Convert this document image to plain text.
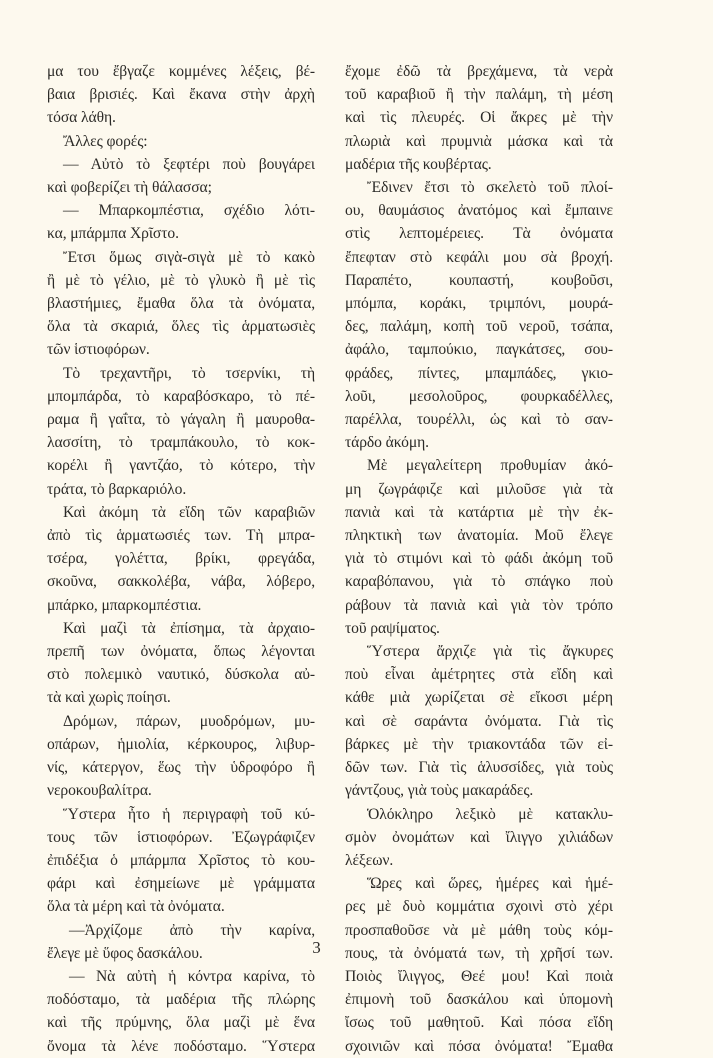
μα του ἔβγαζε κομμένες λέξεις, βέ-
βαια βρισιές. Καὶ ἔκανα στὴν ἀρχὴ
τόσα λάθη.
Ἄλλες φορές:
— Αὐτὸ τὸ ξεφτέρι ποὺ βουγάρει
καὶ φοβερίζει τὴ θάλασσα;
— Μπαρκομπέστια, σχέδιο λότι-
κα, μπάρμπα Χρῖστο.
Ἔτσι ὅμως σιγὰ-σιγὰ μὲ τὸ κακὸ
ἢ μὲ τὸ γέλιο, μὲ τὸ γλυκὸ ἢ μὲ τὶς
βλαστήμιες, ἔμαθα ὅλα τὰ ὀνόματα,
ὅλα τὰ σκαριά, ὅλες τὶς ἁρματωσιὲς
τῶν ἱστιοφόρων.
Τὸ τρεχαντῆρι, τὸ τσερνίκι, τὴ
μπομπάρδα, τὸ καραβόσκαρο, τὸ πέ-
ραμα ἢ γαΐτα, τὸ γάγαλη ἢ μαυροθα-
λασσίτη, τὸ τραμπάκουλο, τὸ κοκ-
κορέλι ἢ γαντζάο, τὸ κότερο, τὴν
τράτα, τὸ βαρκαριόλο.
Καὶ ἀκόμη τὰ εἴδη τῶν καραβιῶν
ἀπὸ τὶς ἁρματωσιές των. Τὴ μπρα-
τσέρα, γολέττα, βρίκι, φρεγάδα,
σκοῦνα, σακκολέβα, νάβα, λόβερο,
μπάρκο, μπαρκομπέστια.
Καὶ μαζὶ τὰ ἐπίσημα, τὰ ἀρχαιο-
πρεπῆ των ὀνόματα, ὅπως λέγονται
στὸ πολεμικὸ ναυτικό, δύσκολα αὐ-
τὰ καὶ χωρὶς ποίησι.
Δρόμων, πάρων, μυοδρόμων, μυ-
οπάρων, ἡμιολία, κέρκουρος, λιβυρ-
νίς, κάτεργον, ἕως τὴν ὑδροφόρο ἢ
νεροκουβαλίτρα.
Ὕστερα ἦτο ἡ περιγραφὴ τοῦ κύ-
τους τῶν ἱστιοφόρων. Ἐζωγράφιζεν
ἐπιδέξια ὁ μπάρμπα Χρῖστος τὸ κου-
φάρι καὶ ἐσημείωνε μὲ γράμματα
ὅλα τὰ μέρη καὶ τὰ ὀνόματα.
—Ἀρχίζομε ἀπὸ τὴν καρίνα,
ἔλεγε μὲ ὕφος δασκάλου.
— Νὰ αὐτὴ ἡ κόντρα καρίνα, τὸ
ποδόσταμο, τὰ μαδέρια τῆς πλώρης
καὶ τῆς πρύμνης, ὅλα μαζὶ μὲ ἕνα
ὄνομα τὰ λένε ποδόσταμο. Ὕστερα
ἔχομε ἐδῶ τὰ βρεχάμενα, τὰ νερὰ
τοῦ καραβιοῦ ἢ τὴν παλάμη, τὴ μέση
καὶ τὶς πλευρές. Οἱ ἄκρες μὲ τὴν
πλωριὰ καὶ πρυμνιὰ μάσκα καὶ τὰ
μαδέρια τῆς κουβέρτας.
Ἔδινεν ἔτσι τὸ σκελετὸ τοῦ πλοί-
ου, θαυμάσιος ἀνατόμος καὶ ἔμπαινε
στὶς λεπτομέρειες. Τὰ ὀνόματα
ἔπεφταν στὸ κεφάλι μου σὰ βροχή.
Παραπέτο, κουπαστή, κουβοῦσι,
μπόμπα, κοράκι, τριμπόνι, μουρά-
δες, παλάμη, κοπὴ τοῦ νεροῦ, τσάπα,
ἀφάλο, ταμπούκιο, παγκάτσες, σου-
φράδες, πίντες, μπαμπάδες, γκιο-
λοῦι, μεσολοῦρος, φουρκαδέλλες,
παρέλλα, τουρέλλι, ὡς καὶ τὸ σαν-
τάρδο ἀκόμη.
Μὲ μεγαλείτερη προθυμίαν ἀκό-
μη ζωγράφιζε καὶ μιλοῦσε γιὰ τὰ
πανιὰ καὶ τὰ κατάρτια μὲ τὴν ἐκ-
πληκτικὴ των ἀνατομία. Μοῦ ἔλεγε
γιὰ τὸ στιμόνι καὶ τὸ φάδι ἀκόμη τοῦ
καραβόπανου, γιὰ τὸ σπάγκο ποὺ
ράβουν τὰ πανιὰ καὶ γιὰ τὸν τρόπο
τοῦ ραψίματος.
Ὕστερα ἄρχιζε γιὰ τὶς ἄγκυρες
ποὺ εἶναι ἀμέτρητες στὰ εἴδη καὶ
κάθε μιὰ χωρίζεται σὲ εἴκοσι μέρη
καὶ σὲ σαράντα ὀνόματα. Γιὰ τὶς
βάρκες μὲ τὴν τριακοντάδα τῶν εἰ-
δῶν των. Γιὰ τὶς ἁλυσσίδες, γιὰ τοὺς
γάντζους, γιὰ τοὺς μακαράδες.
Ὁλόκληρο λεξικὸ μὲ κατακλυ-
σμὸν ὀνομάτων καὶ ἴλιγγο χιλιάδων
λέξεων.
Ὥρες καὶ ὥρες, ἡμέρες καὶ ἡμέ-
ρες μὲ δυὸ κομμάτια σχοινὶ στὸ χέρι
προσπαθοῦσε νὰ μὲ μάθη τοὺς κόμ-
πους, τὰ ὀνόματά των, τὴ χρῆσί των.
Ποιὸς ἴλιγγος, Θεέ μου! Καὶ ποιὰ
ἐπιμονὴ τοῦ δασκάλου καὶ ὑπομονὴ
ἴσως τοῦ μαθητοῦ. Καὶ πόσα εἴδη
σχοινιῶν καὶ πόσα ὀνόματα! Ἔμαθα
3
